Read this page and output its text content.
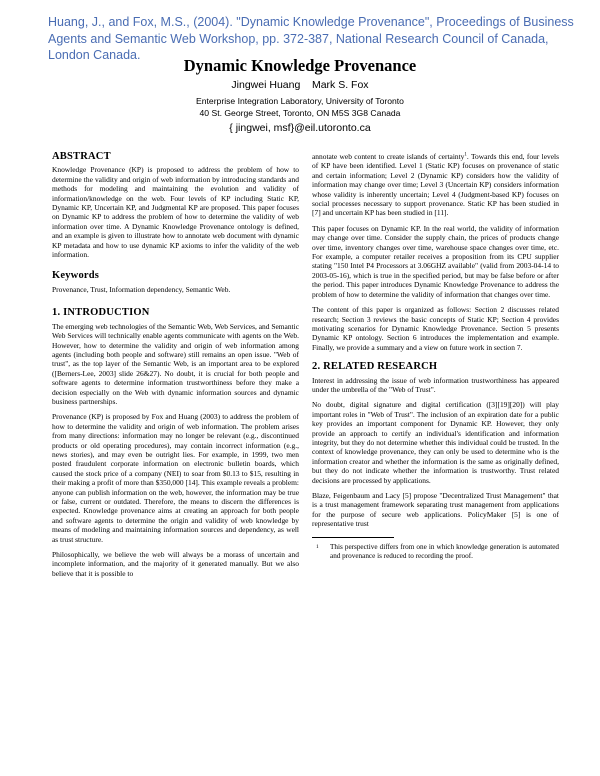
Huang, J., and Fox, M.S., (2004). "Dynamic Knowledge Provenance", Proceedings of Business Agents and Semantic Web Workshop, pp. 372-387, National Research Council of Canada, London Canada.
Dynamic Knowledge Provenance
Jingwei Huang    Mark S. Fox
Enterprise Integration Laboratory, University of Toronto
40 St. George Street, Toronto, ON M5S 3G8 Canada
{ jingwei, msf}@eil.utoronto.ca
ABSTRACT

Knowledge Provenance (KP) is proposed to address the problem of how to determine the validity and origin of web information by introducing standards and methods for modeling and maintaining the evolution and validity of information/knowledge on the web. Four levels of KP including Static KP, Dynamic KP, Uncertain KP, and Judgmental KP are proposed. This paper focuses on Dynamic KP to address the problem of how to determine the validity of web information over time. A Dynamic Knowledge Provenance ontology is defined, and an example is given to illustrate how to annotate web document with dynamic KP metadata and how to use dynamic KP axioms to infer the validity of the web information.

Keywords

Provenance, Trust, Information dependency, Semantic Web.

1. INTRODUCTION

The emerging web technologies of the Semantic Web, Web Services, and Semantic Web Services will technically enable agents communicate with agents on the Web. However, how to determine the validity and origin of web information among agents (including both people and software) still remains an open issue. "Web of trust", as the top layer of the Semantic Web, is an important area to be explored ([Berners-Lee, 2003] slide 26&27). No doubt, it is crucial for both people and software agents to determine information trustworthiness before they make a decision especially on the Web with dynamic information sources and dynamic business partnerships.

Provenance (KP) is proposed by Fox and Huang (2003) to address the problem of how to determine the validity and origin of web information. The problem arises from many directions: information may no longer be relevant (e.g., discontinued products or old operating procedures), may contain incorrect information (e.g., news stories), and may even be outright lies. For example, in 1999, two men posted fraudulent corporate information on electronic bulletin boards, which caused the stock price of a company (NEI) to soar from $0.13 to $15, resulting in their making a profit of more than $350,000 [14]. This example reveals a problem: anyone can publish information on the web, however, the information may be true or false, current or outdated. Therefore, the means to discern the differences is expected. Knowledge provenance aims at creating an approach for both people and software agents to determine the origin and validity of web knowledge by means of modeling and maintaining information sources and dependency, as well as trust structure.

Philosophically, we believe the web will always be a morass of uncertain and incomplete information, and the majority of it generated manually. But we also believe that it is possible to

annotate web content to create islands of certainty$^1$. Towards this end, four levels of KP have been identified. Level 1 (Static KP) focuses on provenance of static and certain information; Level 2 (Dynamic KP) considers how the validity of information may change over time; Level 3 (Uncertain KP) considers information whose validity is inherently uncertain; Level 4 (Judgment-based KP) focuses on social processes necessary to support provenance. Static KP has been studied in [7] and uncertain KP has been studied in [11].

This paper focuses on Dynamic KP. In the real world, the validity of information may change over time. Consider the supply chain, the prices of products change over time, inventory changes over time, warehouse space changes over time, etc. For example, a computer retailer receives a proposition from its CPU supplier stating "150 Intel P4 Processors at 3.06GHZ available" (valid from 2003-04-14 to 2003-05-16), which is true in the specified period, but may be false before or after the period. This paper introduces Dynamic Knowledge Provenance to address the problem of how to determine the validity of information that changes over time.

The content of this paper is organized as follows: Section 2 discusses related research; Section 3 reviews the basic concepts of Static KP; Section 4 provides motivating scenarios for Dynamic Knowledge Provenance. Section 5 presents Dynamic KP ontology. Section 6 introduces the implementation and example. Finally, we provide a summary and a view on future work in section 7.

2. RELATED RESEARCH

Interest in addressing the issue of web information trustworthiness has appeared under the umbrella of the "Web of Trust".

No doubt, digital signature and digital certification ([3][19][20]) will play important roles in "Web of Trust". The inclusion of an expiration date for a public key provides an important component for Dynamic KP. However, they only provide an approach to certify an individual's identification and information integrity, but they do not determine whether this individual could be trusted. In the context of knowledge provenance, they can only be used to determine who is the information creator and whether the information is the same as originally defined, but they do not indicate whether the information is trustworthy. Trust related decisions are processed by applications.

Blaze, Feigenbaum and Lacy [5] propose "Decentralized Trust Management" that is a trust management framework separating trust management from applications for the purpose of secure web applications. PolicyMaker [5] is one of representative trust

1	This perspective differs from one in which knowledge generation is automated and provenance is reduced to recording the proof.
